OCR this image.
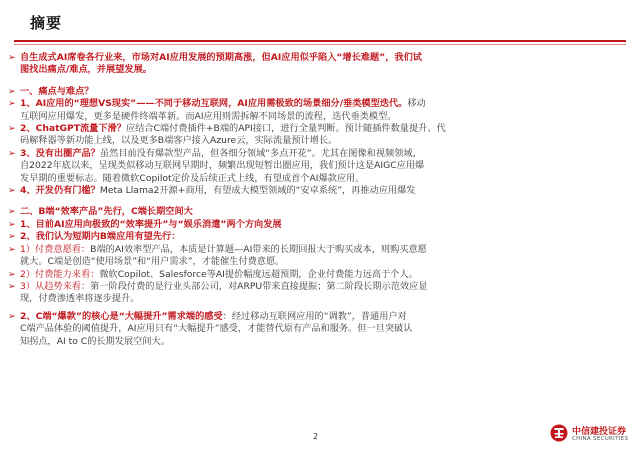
摘要
➢ 自生成式AI席卷各行业来，市场对AI应用发展的预期高涨，但AI应用似乎陷入“增长难题”，我们试
图找出痛点/难点，并展望发展。
➢ 一、痛点与难点？
➢ 1、AI应用的“理想VS现实”——不同于移动互联网，AI应用需极致的场景细分/垂类模型迭代。移动
互联网应用爆发，更多是硬件终端革新。而AI应用则需拆解不同场景的流程，迭代垂类模型。
➢ 2、ChatGPT流量下滑？应结合C端付费插件+B端的API接口，进行全量判断。预计随插件数量提升、代
码解释器等新功能上线，以及更多B端客户接入Azure云，实际流量预计增长。
➢ 3、没有出圈产品？虽然目前没有爆款型产品，但各细分领域“多点开花”。尤其在图像和视频领域，
自2022年底以来，呈现类似移动互联网早期时，频繁出现短暂出圈应用，我们预计这是AIGC应用爆
发早期的重要标志。随着微软Copilot定价及后续正式上线，有望成首个AI爆款应用。
➢ 4、开发仍有门槛？Meta Llama2开源+商用，有望成大模型领域的“安卓系统”，再推动应用爆发
➢ 二、B端“效率产品”先行，C端长期空间大
➢ 1、目前AI应用向极致的“效率提升”与“娱乐消遣”两个方向发展
➢ 2、我们认为短期内B端应用有望先行：
➢ 1）付费意愿看：B端的AI效率型产品，本质是计算题—AI带来的长期回报大于购买成本，则购买意愿
就大。C端是创造“使用场景”和“用户需求”，才能催生付费意愿。
➢ 2）付费能力来看：微软Copilot、Salesforce等AI提价幅度远超预期，企业付费能力远高于个人。
➢ 3）从趋势来看：第一阶段付费的是行业头部公司，对ARPU带来直接提振；第二阶段长期示范效应显
现，付费渗透率将逐步提升。
➢ 2、C端“爆款”的核心是“大幅提升”需求端的感受：经过移动互联网应用的“调教”，普通用户对
C端产品体验的阈值提升，AI应用只有“大幅提升”感受，才能替代原有产品和服务。但一旦突破认
知拐点，AI to C的长期发展空间大。
2	中信建投证券
CHINA SECURITIES
